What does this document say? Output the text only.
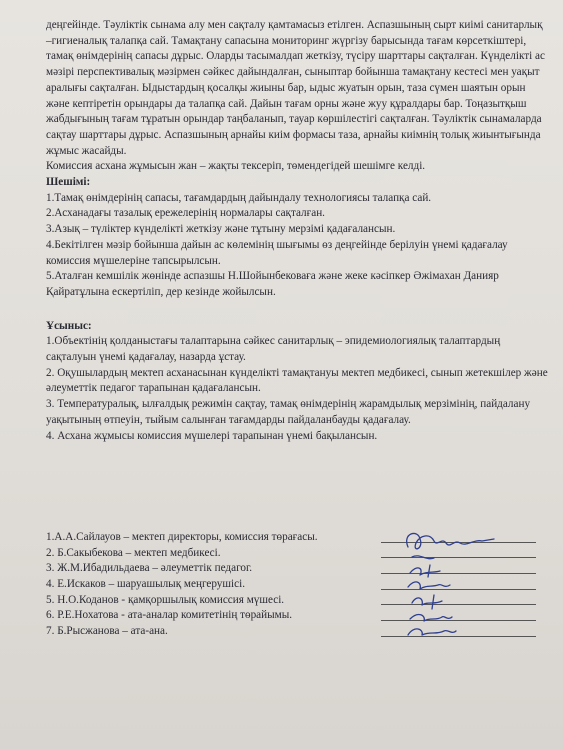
деңгейінде. Тәуліктік сынама алу мен сақталу қамтамасыз етілген. Аспазшының сырт киімі санитарлық –гигиеналық талапқа сай. Тамақтану сапасына мониторинг жүргізу барысында тағам көрсеткіштері, тамақ өнімдерінің сапасы дұрыс. Оларды тасымалдап жеткізу, түсіру шарттары сақталған. Күнделікті ас мәзірі перспективалық мәзірмен сәйкес дайындалған, сыныптар бойынша тамақтану кестесі мен уақыт аралығы сақталған. Ыдыстардың қосалқы жиыны бар, ыдыс жуатын орын, таза сүмен шаятын орын және кептіретін орындары да талапқа сай. Дайын тағам орны және жуу құралдары бар. Тоңазытқыш жабдығының тағам тұратын орындар таңбаланып, тауар көршілестігі сақталған. Тәуліктік сынамаларда сақтау шарттары дұрыс. Аспазшының арнайы киім формасы таза, арнайы киімнің толық жиынтығында жұмыс жасайды.

Комиссия асхана жұмысын жан – жақты тексеріп, төмендегідей шешімге келді.

Шешімі:

1.Тамақ өнімдерінің сапасы, тағамдардың дайындалу технологиясы талапқа сай.

2.Асханадағы тазалық ережелерінің нормалары сақталған.

3.Азық – түліктер күнделікті жеткізу және тұтыну мерзімі қадағалансын.

4.Бекітілген мәзір бойынша дайын ас көлемінің шығымы өз деңгейінде берілуін үнемі қадағалау комиссия мүшелеріне тапсырылсын.

5.Аталған кемшілік жөнінде аспазшы Н.Шойынбековаға және жеке кәсіпкер Әжімахан Данияр Қайратұлына ескертіліп, дер кезінде жойылсын.

Ұсыныс:

1.Объектінің қолданыстағы талаптарына сәйкес санитарлық – эпидемиологиялық талаптардың сақталуын үнемі қадағалау, назарда ұстау.

2. Оқушылардың мектеп асханасынан күнделікті тамақтануы мектеп медбикесі, сынып жетекшілер және әлеуметтік педагог тарапынан қадағалансын.

3. Температуралық, ылғалдық режимін сақтау, тамақ өнімдерінің жарамдылық мерзімінің, пайдалану уақытының өтпеуін, тыйым салынған тағамдарды пайдаланбауды қадағалау.

4. Асхана жұмысы комиссия мүшелері тарапынан үнемі бақылансын.

1.А.А.Сайлауов – мектеп директоры, комиссия төрағасы.
2. Б.Сакыбекова – мектеп медбикесі.
3. Ж.М.Ибадильдаева – әлеуметтік педагог.
4. Е.Искаков – шаруашылық меңгерушісі.
5. Н.О.Коданов - қамқоршылық комиссия мүшесі.
6. Р.Е.Нохатова - ата-аналар комитетінің төрайымы.
7. Б.Рысжанова – ата-ана.
